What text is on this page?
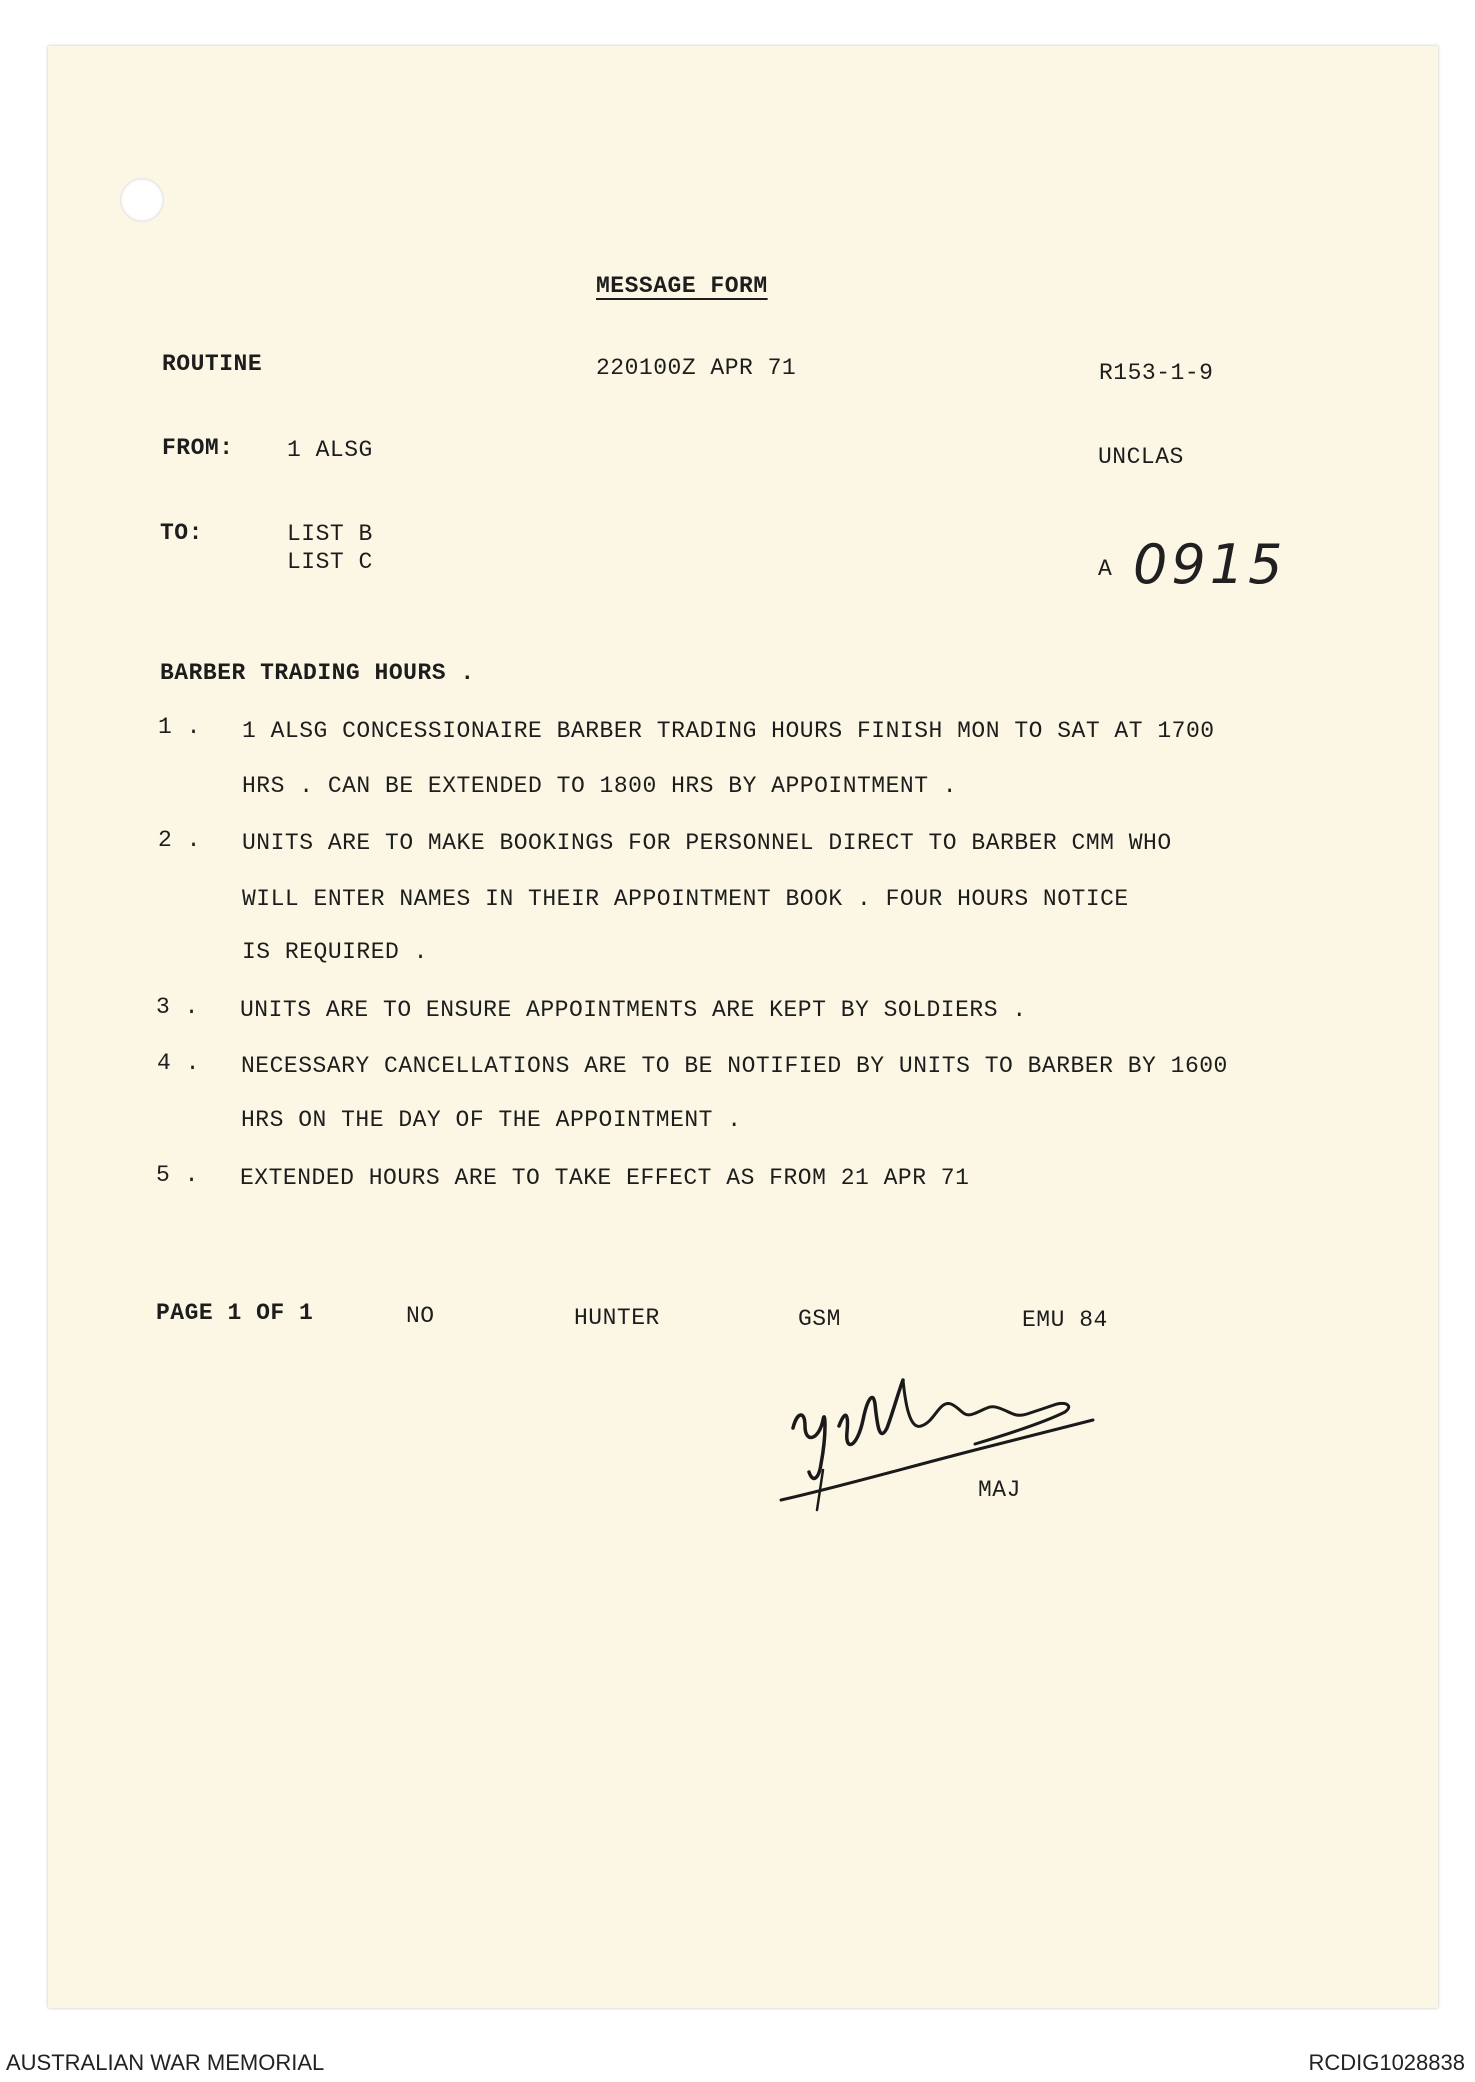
MESSAGE FORM
ROUTINE	220100Z APR 71	R153-1-9
FROM: 1 ALSG	UNCLAS
TO:	LIST B
LIST C	A 0915
BARBER TRADING HOURS .
1 . 1 ALSG CONCESSIONAIRE BARBER TRADING HOURS FINISH MON TO SAT AT 1700
HRS . CAN BE EXTENDED TO 1800 HRS BY APPOINTMENT .
2 . UNITS ARE TO MAKE BOOKINGS FOR PERSONNEL DIRECT TO BARBER CMM WHO
WILL ENTER NAMES IN THEIR APPOINTMENT BOOK . FOUR HOURS NOTICE
IS REQUIRED .
3 . UNITS ARE TO ENSURE APPOINTMENTS ARE KEPT BY SOLDIERS .
4 . NECESSARY CANCELLATIONS ARE TO BE NOTIFIED BY UNITS TO BARBER BY 1600
HRS ON THE DAY OF THE APPOINTMENT .
5 . EXTENDED HOURS ARE TO TAKE EFFECT AS FROM 21 APR 71
PAGE 1 OF 1	NO	HUNTER	GSM	EMU 84
MAJ
AUSTRALIAN WAR MEMORIAL	RCDIG1028838
